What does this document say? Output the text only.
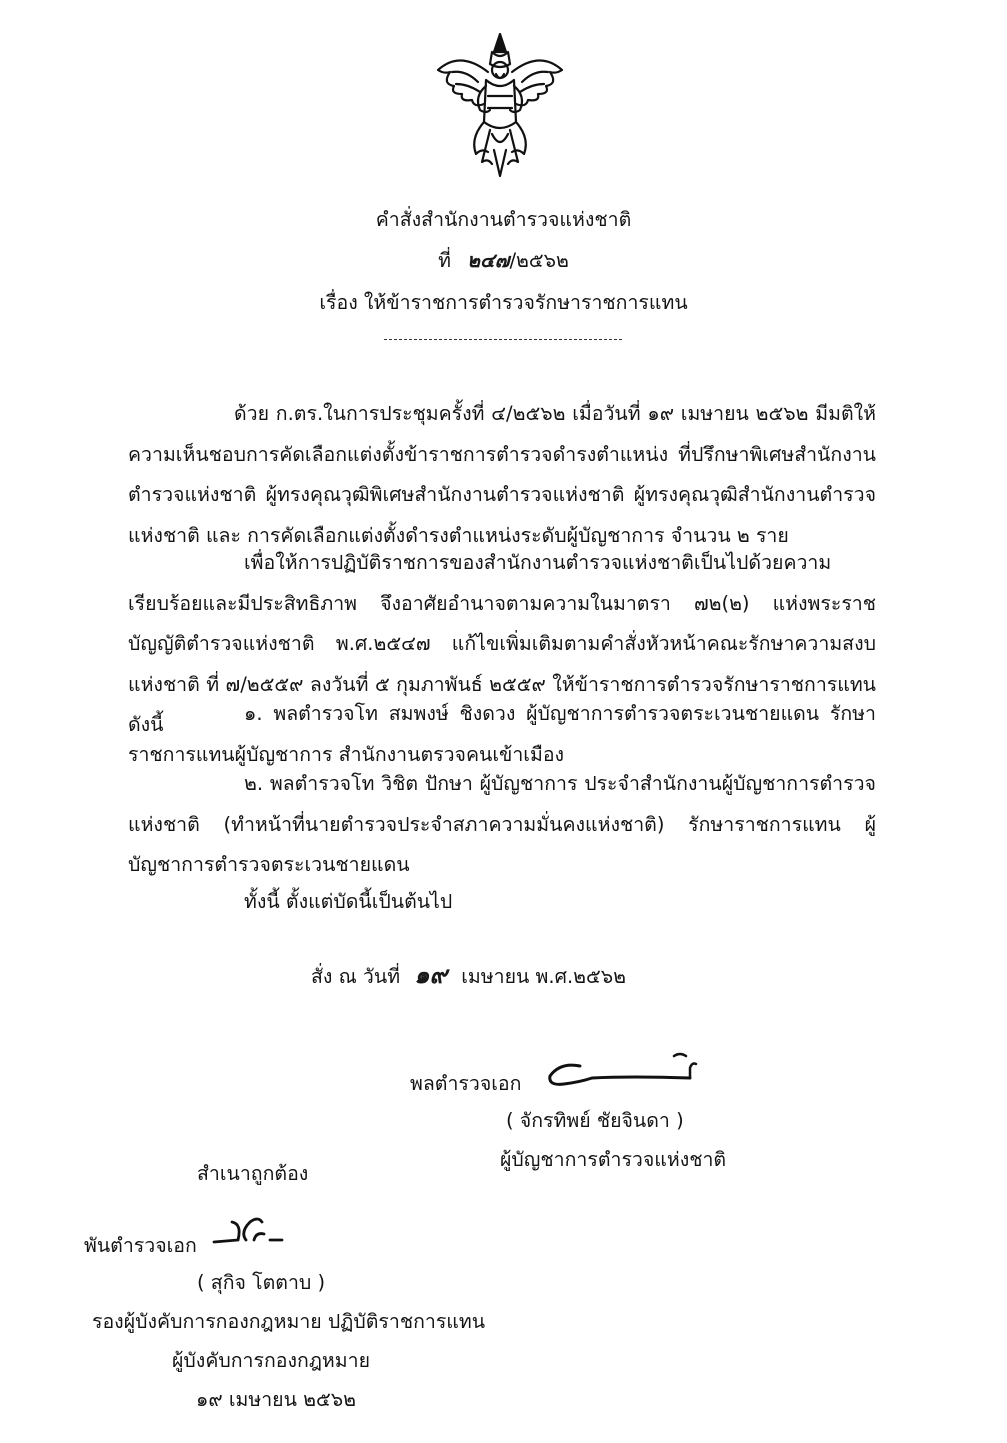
คำสั่งสำนักงานตำรวจแห่งชาติ
ที่ ๒๔๗/๒๕๖๒
เรื่อง ให้ข้าราชการตำรวจรักษาราชการแทน
ด้วย ก.ตร.ในการประชุมครั้งที่ ๔/๒๕๖๒ เมื่อวันที่ ๑๙ เมษายน ๒๕๖๒ มีมติให้ความเห็นชอบการคัดเลือกแต่งตั้งข้าราชการตำรวจดำรงตำแหน่ง ที่ปรึกษาพิเศษสำนักงานตำรวจแห่งชาติ ผู้ทรงคุณวุฒิพิเศษสำนักงานตำรวจแห่งชาติ ผู้ทรงคุณวุฒิสำนักงานตำรวจแห่งชาติ และ การคัดเลือกแต่งตั้งดำรงตำแหน่งระดับผู้บัญชาการ จำนวน ๒ ราย
เพื่อให้การปฏิบัติราชการของสำนักงานตำรวจแห่งชาติเป็นไปด้วยความเรียบร้อยและมีประสิทธิภาพ จึงอาศัยอำนาจตามความในมาตรา ๗๒(๒) แห่งพระราชบัญญัติตำรวจแห่งชาติ พ.ศ.๒๕๔๗ แก้ไขเพิ่มเติมตามคำสั่งหัวหน้าคณะรักษาความสงบแห่งชาติ ที่ ๗/๒๕๕๙ ลงวันที่ ๕ กุมภาพันธ์ ๒๕๕๙ ให้ข้าราชการตำรวจรักษาราชการแทน ดังนี้	๑. พลตำรวจโท สมพงษ์ ชิงดวง ผู้บัญชาการตำรวจตระเวนชายแดน รักษาราชการแทนผู้บัญชาการ สำนักงานตรวจคนเข้าเมือง
๒. พลตำรวจโท วิชิต ปักษา ผู้บัญชาการ ประจำสำนักงานผู้บัญชาการตำรวจแห่งชาติ (ทำหน้าที่นายตำรวจประจำสภาความมั่นคงแห่งชาติ) รักษาราชการแทน ผู้บัญชาการตำรวจตระเวนชายแดน
ทั้งนี้ ตั้งแต่บัดนี้เป็นต้นไป
สั่ง ณ วันที่ ๑๙ เมษายน พ.ศ.๒๕๖๒
พลตำรวจเอก
( จักรทิพย์ ชัยจินดา )
ผู้บัญชาการตำรวจแห่งชาติ
สำเนาถูกต้อง
พันตำรวจเอก
( สุกิจ โตตาบ )
รองผู้บังคับการกองกฎหมาย ปฏิบัติราชการแทน
ผู้บังคับการกองกฎหมาย
๑๙ เมษายน ๒๕๖๒
